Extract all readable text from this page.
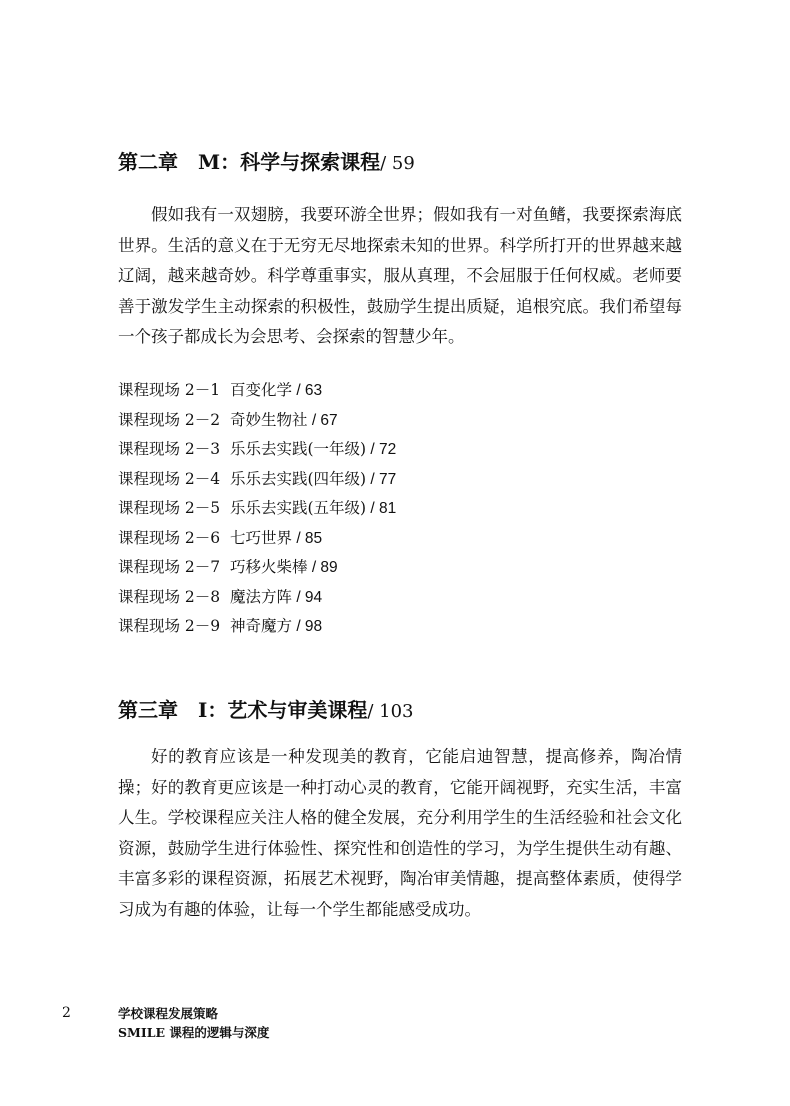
第二章　M：科学与探索课程/ 59

假如我有一双翅膀，我要环游全世界；假如我有一对鱼鳍，我要探索海底世界。生活的意义在于无穷无尽地探索未知的世界。科学所打开的世界越来越辽阔，越来越奇妙。科学尊重事实，服从真理，不会屈服于任何权威。老师要善于激发学生主动探索的积极性，鼓励学生提出质疑，追根究底。我们希望每一个孩子都成长为会思考、会探索的智慧少年。

课程现场 2－1 百变化学 / 63
课程现场 2－2 奇妙生物社 / 67
课程现场 2－3 乐乐去实践(一年级) / 72
课程现场 2－4 乐乐去实践(四年级) / 77
课程现场 2－5 乐乐去实践(五年级) / 81
课程现场 2－6 七巧世界 / 85
课程现场 2－7 巧移火柴棒 / 89
课程现场 2－8 魔法方阵 / 94
课程现场 2－9 神奇魔方 / 98
第三章　I：艺术与审美课程/ 103

好的教育应该是一种发现美的教育，它能启迪智慧，提高修养，陶冶情操；好的教育更应该是一种打动心灵的教育，它能开阔视野，充实生活，丰富人生。学校课程应关注人格的健全发展，充分利用学生的生活经验和社会文化资源，鼓励学生进行体验性、探究性和创造性的学习，为学生提供生动有趣、丰富多彩的课程资源，拓展艺术视野，陶冶审美情趣，提高整体素质，使得学习成为有趣的体验，让每一个学生都能感受成功。

2	学校课程发展策略
SMILE 课程的逻辑与深度
